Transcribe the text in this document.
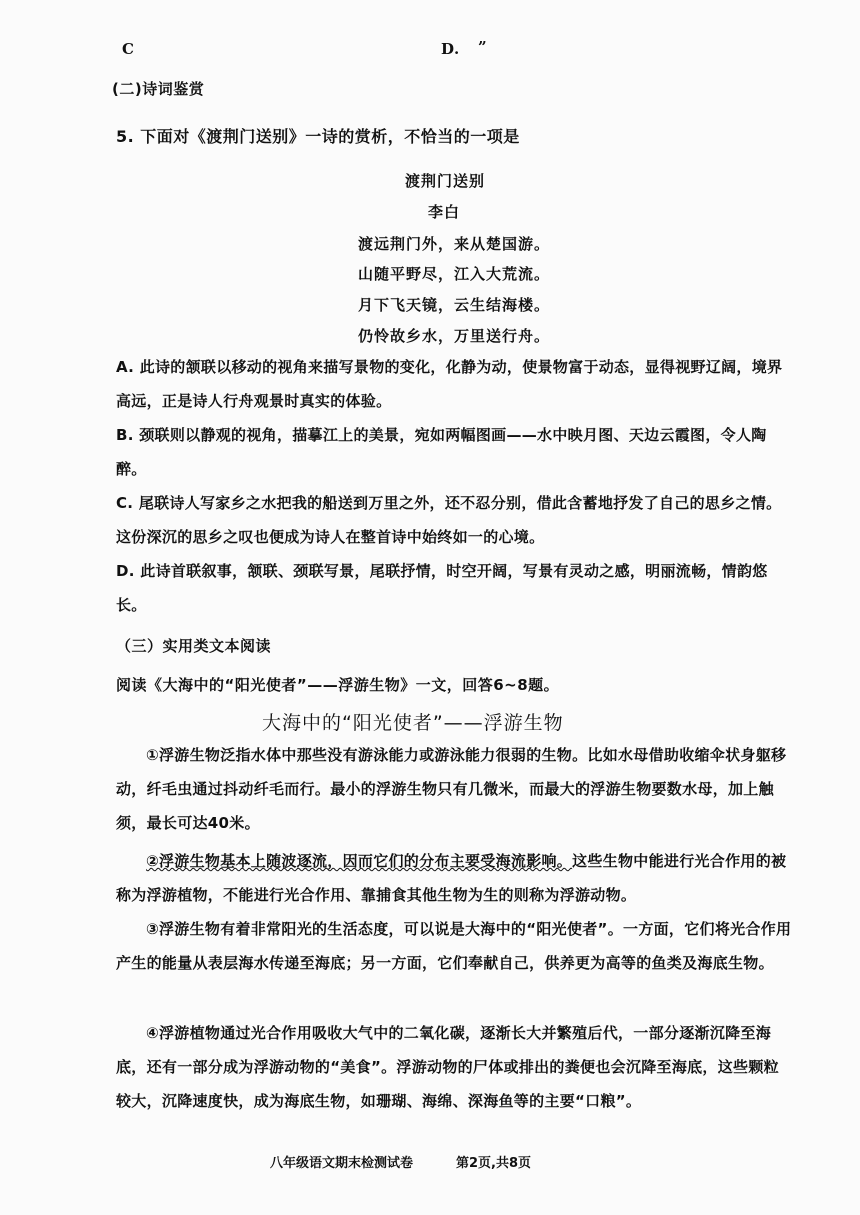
C	D. ”
(二)诗词鉴赏
5. 下面对《渡荆门送别》一诗的赏析，不恰当的一项是
渡荆门送别
李白
渡远荆门外，来从楚国游。
山随平野尽，江入大荒流。
月下飞天镜，云生结海楼。
仍怜故乡水，万里送行舟。
A. 此诗的颔联以移动的视角来描写景物的变化，化静为动，使景物富于动态，显得视野辽阔，境界高远，正是诗人行舟观景时真实的体验。
B. 颈联则以静观的视角，描摹江上的美景，宛如两幅图画——水中映月图、天边云霞图，令人陶醉。
C. 尾联诗人写家乡之水把我的船送到万里之外，还不忍分别，借此含蓄地抒发了自己的思乡之情。这份深沉的思乡之叹也便成为诗人在整首诗中始终如一的心境。
D. 此诗首联叙事，颔联、颈联写景，尾联抒情，时空开阔，写景有灵动之感，明丽流畅，情韵悠长。
（三）实用类文本阅读
阅读《大海中的“阳光使者”——浮游生物》一文，回答6~8题。
大海中的“阳光使者”——浮游生物
①浮游生物泛指水体中那些没有游泳能力或游泳能力很弱的生物。比如水母借助收缩伞状身躯移动，纤毛虫通过抖动纤毛而行。最小的浮游生物只有几微米，而最大的浮游生物要数水母，加上触须，最长可达40米。
②浮游生物基本上随波逐流，因而它们的分布主要受海流影响。这些生物中能进行光合作用的被称为浮游植物，不能进行光合作用、靠捕食其他生物为生的则称为浮游动物。
③浮游生物有着非常阳光的生活态度，可以说是大海中的“阳光使者”。一方面，它们将光合作用产生的能量从表层海水传递至海底；另一方面，它们奉献自己，供养更为高等的鱼类及海底生物。
④浮游植物通过光合作用吸收大气中的二氧化碳，逐渐长大并繁殖后代，一部分逐渐沉降至海底，还有一部分成为浮游动物的“美食”。浮游动物的尸体或排出的粪便也会沉降至海底，这些颗粒较大，沉降速度快，成为海底生物，如珊瑚、海绵、深海鱼等的主要“口粮”。
八年级语文期末检测试卷	第2页,共8页
